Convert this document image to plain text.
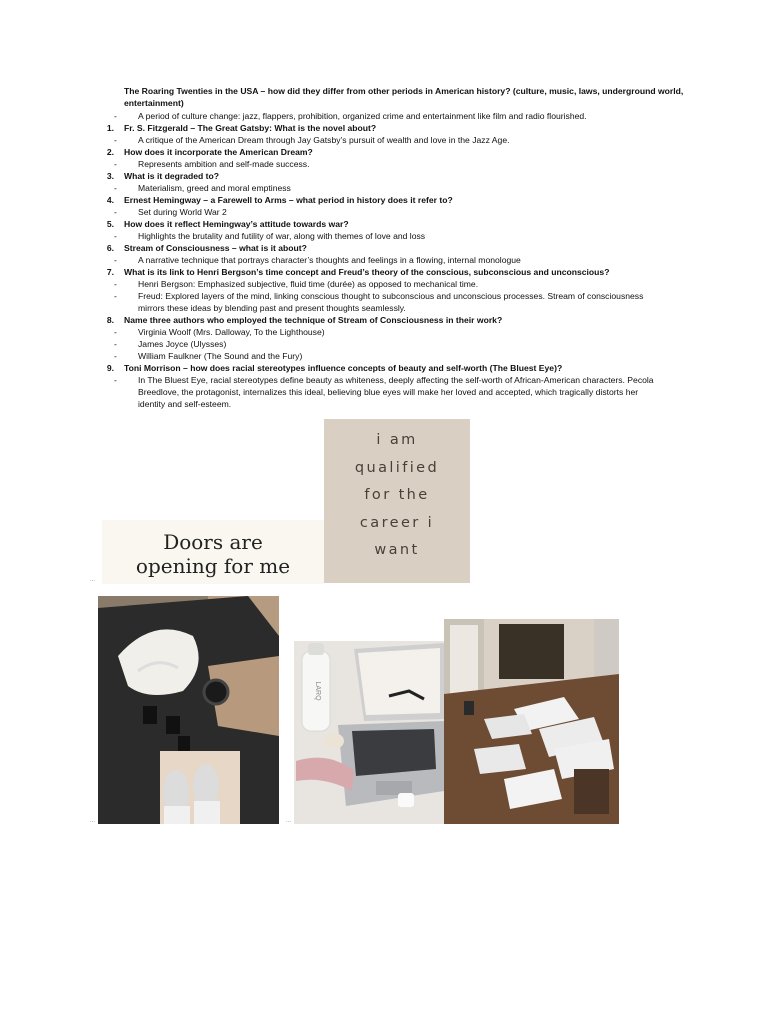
The Roaring Twenties in the USA – how did they differ from other periods in American history? (culture, music, laws, underground world, entertainment)
-	A period of culture change: jazz, flappers, prohibition, organized crime and entertainment like film and radio flourished.
1. Fr. S. Fitzgerald – The Great Gatsby: What is the novel about?
-	A critique of the American Dream through Jay Gatsby’s pursuit of wealth and love in the Jazz Age.
2. How does it incorporate the American Dream?
-	Represents ambition and self-made success.
3. What is it degraded to?
-	Materialism, greed and moral emptiness
4. Ernest Hemingway – a Farewell to Arms – what period in history does it refer to?
-	Set during World War 2
5. How does it reflect Hemingway’s attitude towards war?
-	Highlights the brutality and futility of war, along with themes of love and loss
6. Stream of Consciousness – what is it about?
-	A narrative technique that portrays character’s thoughts and feelings in a flowing, internal monologue
7. What is its link to Henri Bergson’s time concept and Freud’s theory of the conscious, subconscious and unconscious?
-	Henri Bergson: Emphasized subjective, fluid time (durée) as opposed to mechanical time.
-	Freud: Explored layers of the mind, linking conscious thought to subconscious and unconscious processes. Stream of consciousness mirrors these ideas by blending past and present thoughts seamlessly.
8. Name three authors who employed the technique of Stream of Consciousness in their work?
-	Virginia Woolf (Mrs. Dalloway, To the Lighthouse)
-	James Joyce (Ulysses)
-	William Faulkner (The Sound and the Fury)
9. Toni Morrison – how does racial stereotypes influence concepts of beauty and self-worth (The Bluest Eye)?
-	In The Bluest Eye, racial stereotypes define beauty as whiteness, deeply affecting the self-worth of African-American characters. Pecola Breedlove, the protagonist, internalizes this ideal, believing blue eyes will make her loved and accepted, which tragically distorts her identity and self-esteem.
Doors are
opening for me
i am
qualified
for the
career i
want
...
...	...
LARQ
